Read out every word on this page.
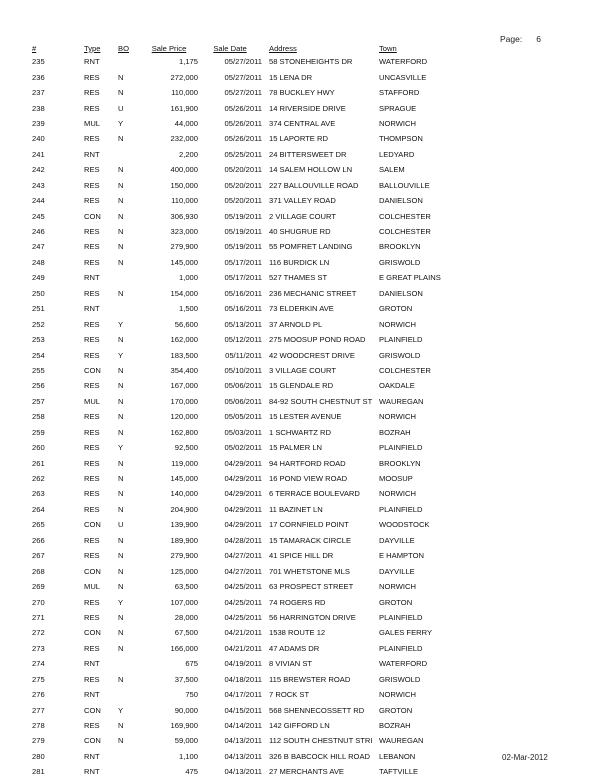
Page: 6
#	Type	BO	Sale Price	Sale Date	Address	Town
235	RNT		1,175	05/27/2011	58 STONEHEIGHTS DR	WATERFORD
236	RES	N	272,000	05/27/2011	15 LENA DR	UNCASVILLE
237	RES	N	110,000	05/27/2011	78 BUCKLEY HWY	STAFFORD
238	RES	U	161,900	05/26/2011	14 RIVERSIDE DRIVE	SPRAGUE
239	MUL	Y	44,000	05/26/2011	374 CENTRAL AVE	NORWICH
240	RES	N	232,000	05/26/2011	15 LAPORTE RD	THOMPSON
241	RNT		2,200	05/25/2011	24 BITTERSWEET DR	LEDYARD
242	RES	N	400,000	05/20/2011	14 SALEM HOLLOW LN	SALEM
243	RES	N	150,000	05/20/2011	227 BALLOUVILLE ROAD	BALLOUVILLE
244	RES	N	110,000	05/20/2011	371 VALLEY ROAD	DANIELSON
245	CON	N	306,930	05/19/2011	2 VILLAGE COURT	COLCHESTER
246	RES	N	323,000	05/19/2011	40 SHUGRUE RD	COLCHESTER
247	RES	N	279,900	05/19/2011	55 POMFRET LANDING	BROOKLYN
248	RES	N	145,000	05/17/2011	116 BURDICK LN	GRISWOLD
249	RNT		1,000	05/17/2011	527 THAMES ST	E GREAT PLAINS
250	RES	N	154,000	05/16/2011	236 MECHANIC STREET	DANIELSON
251	RNT		1,500	05/16/2011	73 ELDERKIN AVE	GROTON
252	RES	Y	56,600	05/13/2011	37 ARNOLD PL	NORWICH
253	RES	N	162,000	05/12/2011	275 MOOSUP POND ROAD	PLAINFIELD
254	RES	Y	183,500	05/11/2011	42 WOODCREST DRIVE	GRISWOLD
255	CON	N	354,400	05/10/2011	3 VILLAGE COURT	COLCHESTER
256	RES	N	167,000	05/06/2011	15 GLENDALE RD	OAKDALE
257	MUL	N	170,000	05/06/2011	84-92 SOUTH CHESTNUT ST	WAUREGAN
258	RES	N	120,000	05/05/2011	15 LESTER AVENUE	NORWICH
259	RES	N	162,800	05/03/2011	1 SCHWARTZ RD	BOZRAH
260	RES	Y	92,500	05/02/2011	15 PALMER LN	PLAINFIELD
261	RES	N	119,000	04/29/2011	94 HARTFORD ROAD	BROOKLYN
262	RES	N	145,000	04/29/2011	16 POND VIEW ROAD	MOOSUP
263	RES	N	140,000	04/29/2011	6 TERRACE BOULEVARD	NORWICH
264	RES	N	204,900	04/29/2011	11 BAZINET LN	PLAINFIELD
265	CON	U	139,900	04/29/2011	17 CORNFIELD POINT	WOODSTOCK
266	RES	N	189,900	04/28/2011	15 TAMARACK CIRCLE	DAYVILLE
267	RES	N	279,900	04/27/2011	41 SPICE HILL DR	E HAMPTON
268	CON	N	125,000	04/27/2011	701 WHETSTONE MLS	DAYVILLE
269	MUL	N	63,500	04/25/2011	63 PROSPECT STREET	NORWICH
270	RES	Y	107,000	04/25/2011	74 ROGERS RD	GROTON
271	RES	N	28,000	04/25/2011	56 HARRINGTON DRIVE	PLAINFIELD
272	CON	N	67,500	04/21/2011	1538 ROUTE 12	GALES FERRY
273	RES	N	166,000	04/21/2011	47 ADAMS DR	PLAINFIELD
274	RNT		675	04/19/2011	8 VIVIAN ST	WATERFORD
275	RES	N	37,500	04/18/2011	115 BREWSTER ROAD	GRISWOLD
276	RNT		750	04/17/2011	7 ROCK ST	NORWICH
277	CON	Y	90,000	04/15/2011	568 SHENNECOSSETT RD	GROTON
278	RES	N	169,900	04/14/2011	142 GIFFORD LN	BOZRAH
279	CON	N	59,000	04/13/2011	112 SOUTH CHESTNUT STRI	WAUREGAN
280	RNT		1,100	04/13/2011	326 B BABCOCK HILL ROAD	LEBANON
281	RNT		475	04/13/2011	27 MERCHANTS AVE	TAFTVILLE
02-Mar-2012
